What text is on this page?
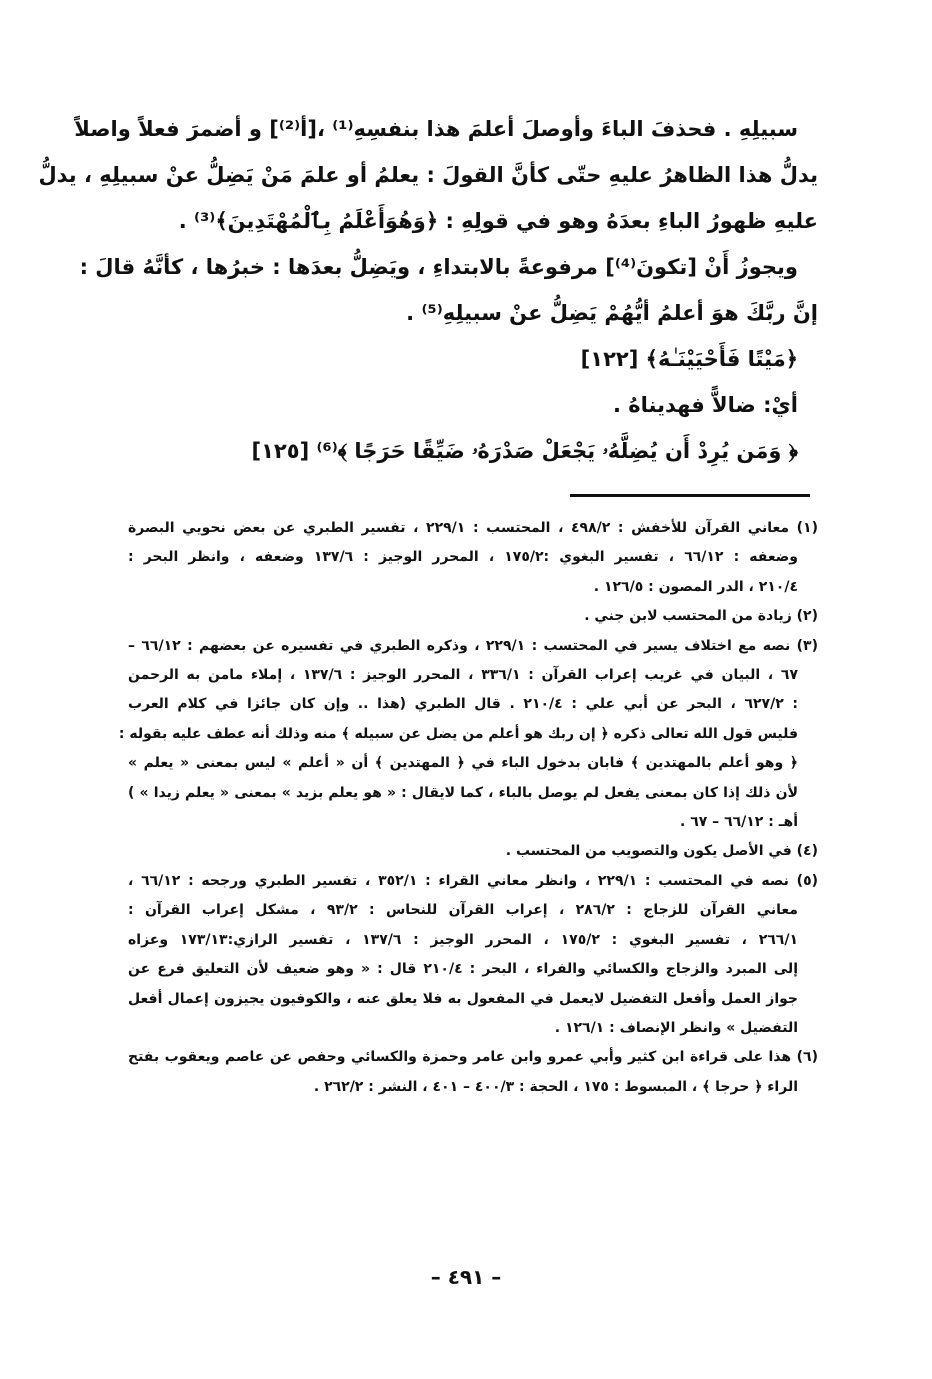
سبيلِهِ . فحذفَ الباءَ وأوصلَ أعلمَ هذا بنفسِهِ⁽¹⁾ ،[أ⁽²⁾] و أضمرَ فعلاً واصلاً
يدلُّ هذا الظاهرُ عليهِ حتّى كأنَّ القولَ : يعلمُ أو علمَ مَنْ يَضِلُّ عنْ سبيلِهِ ، يدلُّ
عليهِ ظهورُ الباءِ بعدَهُ وهو في قولِهِ : ﴿وَهُوَأَعْلَمُ بِٱلْمُهْتَدِينَ﴾⁽³⁾ .
ويجوزُ أَنْ [تكونَ⁽⁴⁾] مرفوعةً بالابتداءِ ، ويَضِلُّ بعدَها : خبرُها ، كأنَّهُ قالَ :
إنَّ ربَّكَ هوَ أعلمُ أيُّهُمْ يَضِلُّ عنْ سبيلِهِ⁽⁵⁾ .
﴿مَيْتًا فَأَحْيَيْنَـٰهُ﴾ [١٢٢]
أيْ: ضالاًّ فهديناهُ .
﴿ وَمَن يُرِدْ أَن يُضِلَّهُۥ يَجْعَلْ صَدْرَهُۥ ضَيِّقًا حَرَجًا ﴾⁽⁶⁾ [١٢٥]
(١) معاني القرآن للأخفش : ٤٩٨/٢ ، المحتسب : ٢٢٩/١ ، تفسير الطبري عن بعض نحويي البصرة
وضعفه : ٦٦/١٢ ، تفسير البغوي :١٧٥/٢ ، المحرر الوجيز : ١٣٧/٦ وضعفه ، وانظر البحر :
٢١٠/٤ ، الدر المصون : ١٢٦/٥ .
(٢) زيادة من المحتسب لابن جني .
(٣) نصه مع اختلاف يسير في المحتسب : ٢٢٩/١ ، وذكره الطبري في تفسيره عن بعضهم : ٦٦/١٢ –
٦٧ ، البيان في غريب إعراب القرآن : ٣٣٦/١ ، المحرر الوجيز : ١٣٧/٦ ، إملاء مامن به الرحمن
: ٦٢٧/٢ ، البحر عن أبي علي : ٢١٠/٤ . قال الطبري (هذا .. وإن كان جائزا في كلام العرب
فليس قول الله تعالى ذكره ﴿ إن ربك هو أعلم من يضل عن سبيله ﴾ منه وذلك أنه عطف عليه بقوله :
﴿ وهو أعلم بالمهتدين ﴾ فابان بدخول الباء في ﴿ المهتدين ﴾ أن « أعلم » ليس بمعنى « يعلم »
لأن ذلك إذا كان بمعنى يفعل لم يوصل بالباء ، كما لايقال : « هو يعلم بزيد » بمعنى « يعلم زيدا » )
أهـ : ٦٦/١٢ – ٦٧ .
(٤) في الأصل يكون والتصويب من المحتسب .
(٥) نصه في المحتسب : ٢٢٩/١ ، وانظر معاني القراء : ٣٥٢/١ ، تفسير الطبري ورجحه : ٦٦/١٢ ،
معاني القرآن للزجاج : ٢٨٦/٢ ، إعراب القرآن للنحاس : ٩٣/٢ ، مشكل إعراب القرآن :
٢٦٦/١ ، تفسير البغوي : ١٧٥/٢ ، المحرر الوجيز : ١٣٧/٦ ، تفسير الرازي:١٧٣/١٣ وعزاه
إلى المبرد والزجاج والكسائي والفراء ، البحر : ٢١٠/٤ قال : « وهو ضعيف لأن التعليق فرع عن
جواز العمل وأفعل التفضيل لايعمل في المفعول به فلا يعلق عنه ، والكوفيون يجيزون إعمال أفعل
التفضيل » وانظر الإنصاف : ١٢٦/١ .
(٦) هذا على قراءة ابن كثير وأبي عمرو وابن عامر وحمزة والكسائي وحفص عن عاصم ويعقوب بفتح
الراء ﴿ حرجا ﴾ ، المبسوط : ١٧٥ ، الحجة : ٤٠٠/٣ – ٤٠١ ، النشر : ٢٦٢/٢ .
– ٤٩١ –
